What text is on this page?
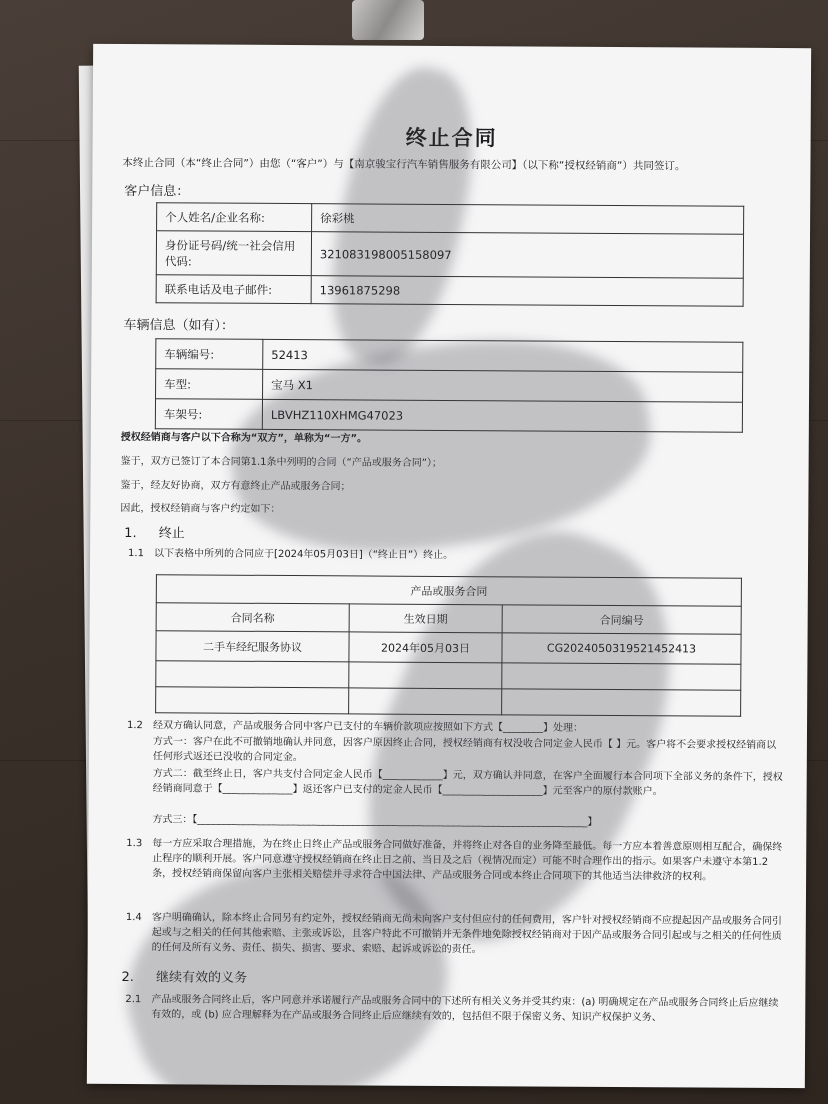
终止合同
本终止合同（本“终止合同”）由您（“客户”）与【南京骏宝行汽车销售服务有限公司】（以下称“授权经销商”）共同签订。
客户信息：
个人姓名/企业名称:	徐彩桃
身份证号码/统一社会信用代码:	321083198005158097
联系电话及电子邮件:	13961875298
车辆信息（如有）：
车辆编号:	52413
车型:	宝马 X1
车架号:	LBVHZ110XHMG47023
授权经销商与客户以下合称为“双方”，单称为“一方”。
鉴于，双方已签订了本合同第1.1条中列明的合同（“产品或服务合同”）；
鉴于，经友好协商，双方有意终止产品或服务合同；
因此，授权经销商与客户约定如下：
1. 终止
1.1 以下表格中所列的合同应于[2024年05月03日]（“终止日”）终止。
产品或服务合同		
合同名称	生效日期	合同编号
二手车经纪服务协议	2024年05月03日	CG2024050319521452413

1.2 经双方确认同意，产品或服务合同中客户已支付的车辆价款项应按照如下方式【________】处理：
方式一：客户在此不可撤销地确认并同意，因客户原因终止合同，授权经销商有权没收合同定金人民币【 】元。客户将不会要求授权经销商以任何形式返还已没收的合同定金。
方式二：截至终止日，客户共支付合同定金人民币【____________】元，双方确认并同意，在客户全面履行本合同项下全部义务的条件下，授权经销商同意于【______________】返还客户已支付的定金人民币【____________________】元至客户的原付款账户。
方式三：【______________________________________________________________________________】
1.3 每一方应采取合理措施，为在终止日终止产品或服务合同做好准备，并将终止对各自的业务降至最低。每一方应本着善意原则相互配合，确保终止程序的顺利开展。客户同意遵守授权经销商在终止日之前、当日及之后（视情况而定）可能不时合理作出的指示。如果客户未遵守本第1.2条，授权经销商保留向客户主张相关赔偿并寻求符合中国法律、产品或服务合同或本终止合同项下的其他适当法律救济的权利。
1.4 客户明确确认，除本终止合同另有约定外，授权经销商无尚未向客户支付但应付的任何费用，客户针对授权经销商不应提起因产品或服务合同引起或与之相关的任何其他索赔、主张或诉讼，且客户特此不可撤销并无条件地免除授权经销商对于因产品或服务合同引起或与之相关的任何性质的任何及所有义务、责任、损失、损害、要求、索赔、起诉或诉讼的责任。
2. 继续有效的义务
2.1 产品或服务合同终止后，客户同意并承诺履行产品或服务合同中的下述所有相关义务并受其约束：(a) 明确规定在产品或服务合同终止后应继续有效的，或 (b) 应合理解释为在产品或服务合同终止后应继续有效的，包括但不限于保密义务、知识产权保护义务、
